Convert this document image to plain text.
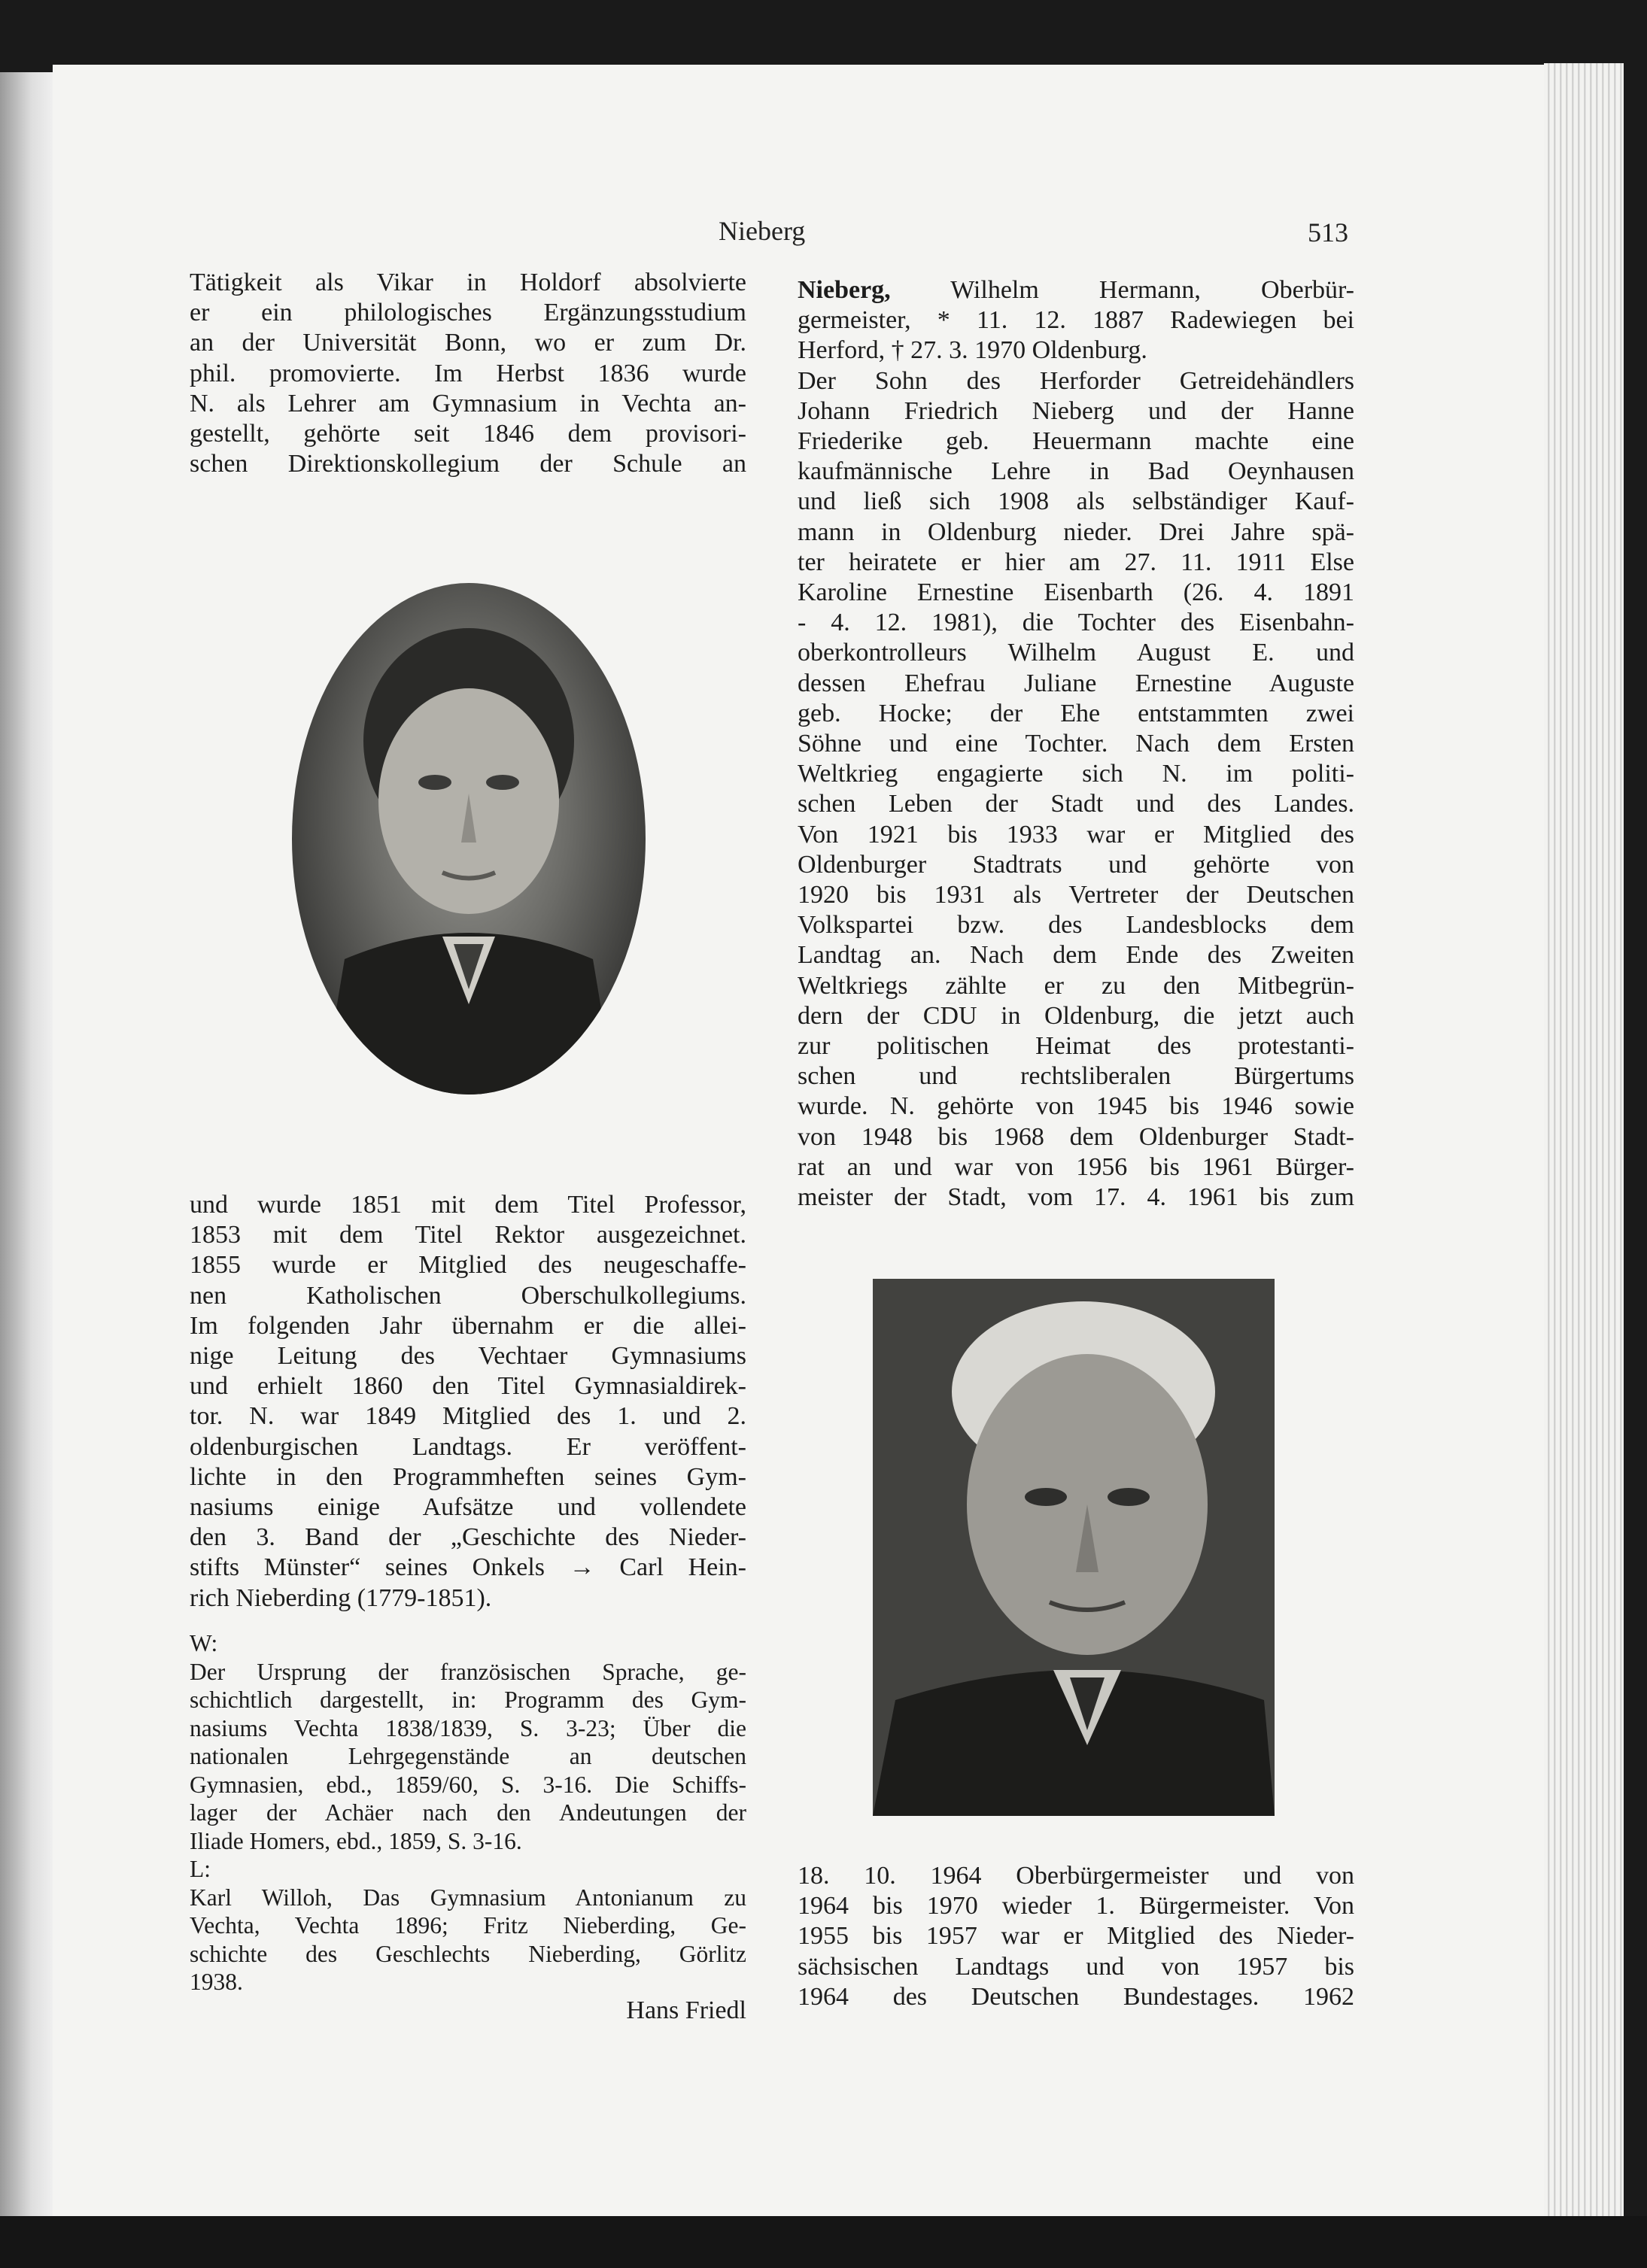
Nieberg	513
Tätigkeit als Vikar in Holdorf absolvierte
er ein philologisches Ergänzungsstudium
an der Universität Bonn, wo er zum Dr.
phil. promovierte. Im Herbst 1836 wurde
N. als Lehrer am Gymnasium in Vechta an-
gestellt, gehörte seit 1846 dem provisori-
schen Direktionskollegium der Schule an
und wurde 1851 mit dem Titel Professor,
1853 mit dem Titel Rektor ausgezeichnet.
1855 wurde er Mitglied des neugeschaffe-
nen Katholischen Oberschulkollegiums.
Im folgenden Jahr übernahm er die allei-
nige Leitung des Vechtaer Gymnasiums
und erhielt 1860 den Titel Gymnasialdirek-
tor. N. war 1849 Mitglied des 1. und 2.
oldenburgischen Landtags. Er veröffent-
lichte in den Programmheften seines Gym-
nasiums einige Aufsätze und vollendete
den 3. Band der „Geschichte des Nieder-
stifts Münster“ seines Onkels → Carl Hein-
rich Nieberding (1779-1851).
W:
Der Ursprung der französischen Sprache, ge-
schichtlich dargestellt, in: Programm des Gym-
nasiums Vechta 1838/1839, S. 3-23; Über die
nationalen Lehrgegenstände an deutschen
Gymnasien, ebd., 1859/60, S. 3-16. Die Schiffs-
lager der Achäer nach den Andeutungen der
Iliade Homers, ebd., 1859, S. 3-16.
L:
Karl Willoh, Das Gymnasium Antonianum zu
Vechta, Vechta 1896; Fritz Nieberding, Ge-
schichte des Geschlechts Nieberding, Görlitz
1938.
Hans Friedl
Nieberg, Wilhelm Hermann, Oberbür-
germeister, * 11. 12. 1887 Radewiegen bei
Herford, † 27. 3. 1970 Oldenburg.
Der Sohn des Herforder Getreidehändlers
Johann Friedrich Nieberg und der Hanne
Friederike geb. Heuermann machte eine
kaufmännische Lehre in Bad Oeynhausen
und ließ sich 1908 als selbständiger Kauf-
mann in Oldenburg nieder. Drei Jahre spä-
ter heiratete er hier am 27. 11. 1911 Else
Karoline Ernestine Eisenbarth (26. 4. 1891
- 4. 12. 1981), die Tochter des Eisenbahn-
oberkontrolleurs Wilhelm August E. und
dessen Ehefrau Juliane Ernestine Auguste
geb. Hocke; der Ehe entstammten zwei
Söhne und eine Tochter. Nach dem Ersten
Weltkrieg engagierte sich N. im politi-
schen Leben der Stadt und des Landes.
Von 1921 bis 1933 war er Mitglied des
Oldenburger Stadtrats und gehörte von
1920 bis 1931 als Vertreter der Deutschen
Volkspartei bzw. des Landesblocks dem
Landtag an. Nach dem Ende des Zweiten
Weltkriegs zählte er zu den Mitbegrün-
dern der CDU in Oldenburg, die jetzt auch
zur politischen Heimat des protestanti-
schen und rechtsliberalen Bürgertums
wurde. N. gehörte von 1945 bis 1946 sowie
von 1948 bis 1968 dem Oldenburger Stadt-
rat an und war von 1956 bis 1961 Bürger-
meister der Stadt, vom 17. 4. 1961 bis zum
18. 10. 1964 Oberbürgermeister und von
1964 bis 1970 wieder 1. Bürgermeister. Von
1955 bis 1957 war er Mitglied des Nieder-
sächsischen Landtags und von 1957 bis
1964 des Deutschen Bundestages. 1962
